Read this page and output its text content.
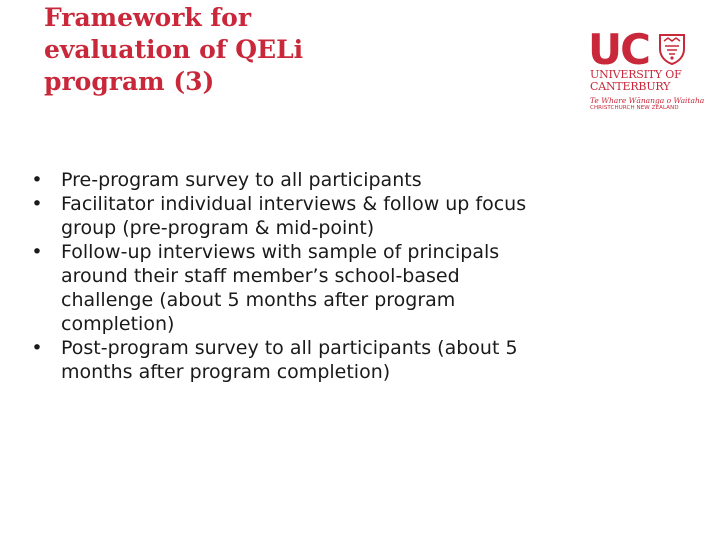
Framework for
evaluation of QELi
program (3)
UC
UNIVERSITY OF
CANTERBURY
Te Whare Wānanga o Waitaha
CHRISTCHURCH NEW ZEALAND
• Pre-program survey to all participants
• Facilitator individual interviews & follow up focus group (pre-program & mid-point)
• Follow-up interviews with sample of principals around their staff member’s school-based challenge (about 5 months after program completion)
• Post-program survey to all participants (about 5 months after program completion)
